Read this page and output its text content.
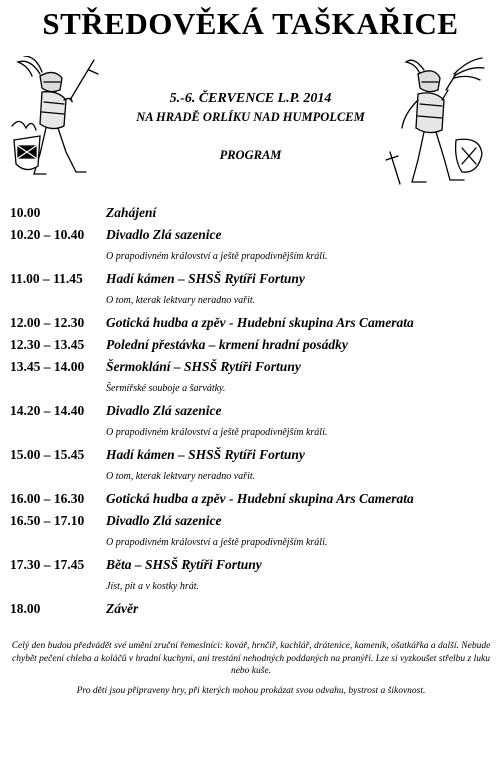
STŘEDOVĚKÁ TAŠKAŘICE
5.-6. ČERVENCE L.P. 2014
NA HRADĚ ORLÍKU NAD HUMPOLCEM
PROGRAM
10.00	Zahájení
10.20 – 10.40	Divadlo Zlá sazenice
O prapodivném království a ještě prapodivnějším králi.
11.00 – 11.45	Hadí kámen – SHSŠ Rytíři Fortuny
O tom, kterak lektvary neradno vařit.
12.00 – 12.30	Gotická hudba a zpěv - Hudební skupina Ars Camerata
12.30 – 13.45	Polední přestávka – krmení hradní posádky
13.45 – 14.00	Šermoklání – SHSŠ Rytíři Fortuny
Šermířské souboje a šarvátky.
14.20 – 14.40	Divadlo Zlá sazenice
O prapodivném království a ještě prapodivnějším králi.
15.00 – 15.45	Hadí kámen – SHSŠ Rytíři Fortuny
O tom, kterak lektvary neradno vařit.
16.00 – 16.30	Gotická hudba a zpěv - Hudební skupina Ars Camerata
16.50 – 17.10	Divadlo Zlá sazenice
O prapodivném království a ještě prapodivnějším králi.
17.30 – 17.45	Běta – SHSŠ Rytíři Fortuny
Jíst, pít a v kostky hrát.
18.00	Závěr

Celý den budou předvádět své umění zruční řemeslníci: kovář, hrnčíř, kachlář, drátenice, kameník, ošatkářka a další. Nebude chybět pečení chleba a koláčů v hradní kuchyni, ani trestání nehodných poddaných na pranýři. Lze si vyzkoušet střelbu z luku nebo kuše.

Pro děti jsou připraveny hry, při kterých mohou prokázat svou odvahu, bystrost a šikovnost.
